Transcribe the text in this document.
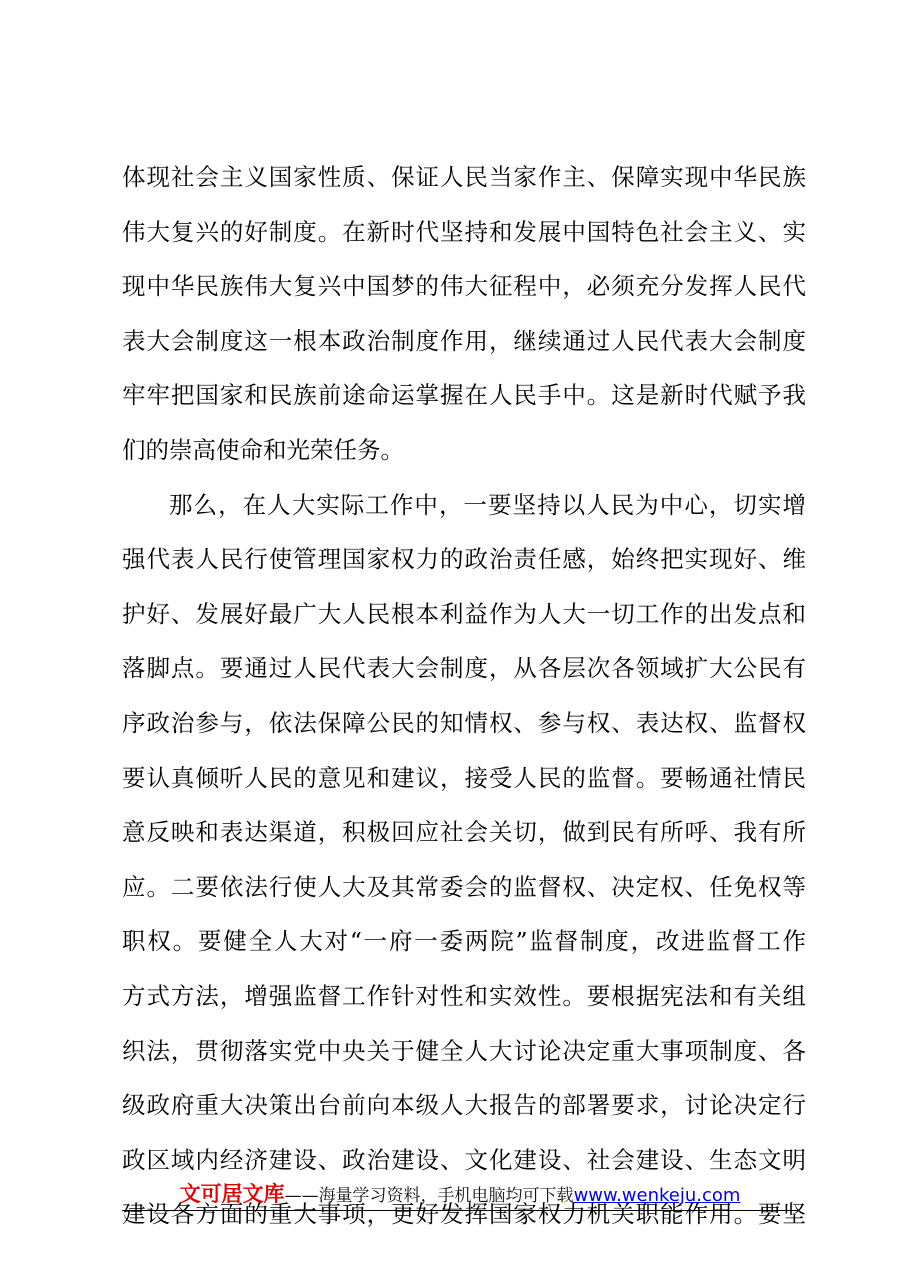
体现社会主义国家性质、保证人民当家作主、保障实现中华民族
伟大复兴的好制度。在新时代坚持和发展中国特色社会主义、实
现中华民族伟大复兴中国梦的伟大征程中，必须充分发挥人民代
表大会制度这一根本政治制度作用，继续通过人民代表大会制度
牢牢把国家和民族前途命运掌握在人民手中。这是新时代赋予我
们的崇高使命和光荣任务。
那么，在人大实际工作中，一要坚持以人民为中心，切实增
强代表人民行使管理国家权力的政治责任感，始终把实现好、维
护好、发展好最广大人民根本利益作为人大一切工作的出发点和
落脚点。要通过人民代表大会制度，从各层次各领域扩大公民有
序政治参与，依法保障公民的知情权、参与权、表达权、监督权
要认真倾听人民的意见和建议，接受人民的监督。要畅通社情民
意反映和表达渠道，积极回应社会关切，做到民有所呼、我有所
应。二要依法行使人大及其常委会的监督权、决定权、任免权等
职权。要健全人大对“一府一委两院”监督制度，改进监督工作
方式方法，增强监督工作针对性和实效性。要根据宪法和有关组
织法，贯彻落实党中央关于健全人大讨论决定重大事项制度、各
级政府重大决策出台前向本级人大报告的部署要求，讨论决定行
政区域内经济建设、政治建设、文化建设、社会建设、生态文明
建设各方面的重大事项，更好发挥国家权力机关职能作用。要坚
文可居文库——海量学习资料，手机电脑均可下载www.wenkeju.com
